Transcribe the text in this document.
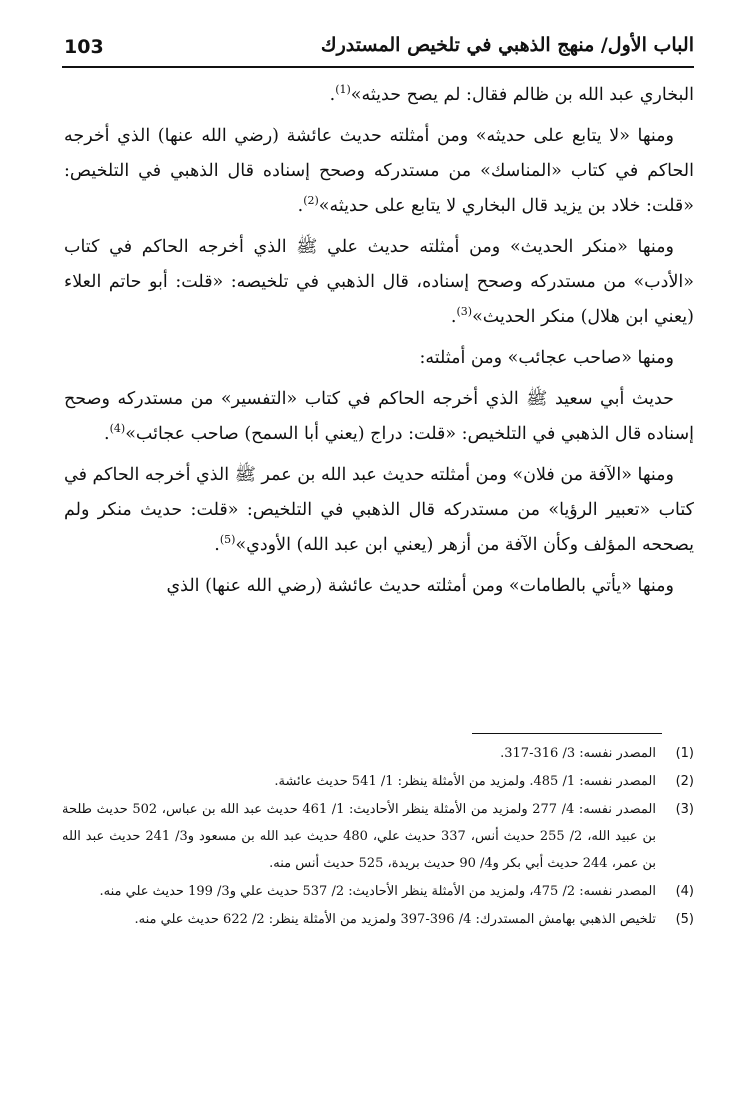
103	الباب الأول/ منهج الذهبي في تلخيص المستدرك

البخاري عبد الله بن ظالم فقال: لم يصح حديثه»$^{(1)}$.

ومنها «لا يتابع على حديثه» ومن أمثلته حديث عائشة (رضي الله عنها) الذي أخرجه الحاكم في كتاب «المناسك» من مستدركه وصحح إسناده قال الذهبي في التلخيص: «قلت: خلاد بن يزيد قال البخاري لا يتابع على حديثه»$^{(2)}$.

ومنها «منكر الحديث» ومن أمثلته حديث علي ﷺ الذي أخرجه الحاكم في كتاب «الأدب» من مستدركه وصحح إسناده، قال الذهبي في تلخيصه: «قلت: أبو حاتم العلاء (يعني ابن هلال) منكر الحديث»$^{(3)}$.

ومنها «صاحب عجائب» ومن أمثلته:

حديث أبي سعيد ﷺ الذي أخرجه الحاكم في كتاب «التفسير» من مستدركه وصحح إسناده قال الذهبي في التلخيص: «قلت: دراج (يعني أبا السمح) صاحب عجائب»$^{(4)}$.

ومنها «الآفة من فلان» ومن أمثلته حديث عبد الله بن عمر ﷺ الذي أخرجه الحاكم في كتاب «تعبير الرؤيا» من مستدركه قال الذهبي في التلخيص: «قلت: حديث منكر ولم يصححه المؤلف وكأن الآفة من أزهر (يعني ابن عبد الله) الأودي»$^{(5)}$.

ومنها «يأتي بالطامات» ومن أمثلته حديث عائشة (رضي الله عنها) الذي

(1)
المصدر نفسه: 3/ 316-317.
(2)
المصدر نفسه: 1/ 485. ولمزيد من الأمثلة ينظر: 1/ 541 حديث عائشة.
(3)
المصدر نفسه: 4/ 277 ولمزيد من الأمثلة ينظر الأحاديث: 1/ 461 حديث عبد الله بن عباس، 502 حديث طلحة بن عبيد الله، 2/ 255 حديث أنس، 337 حديث علي، 480 حديث عبد الله بن مسعود و3/ 241 حديث عبد الله بن عمر، 244 حديث أبي بكر و4/ 90 حديث بريدة، 525 حديث أنس منه.
(4)
المصدر نفسه: 2/ 475، ولمزيد من الأمثلة ينظر الأحاديث: 2/ 537 حديث علي و3/ 199 حديث علي منه.
(5)
تلخيص الذهبي بهامش المستدرك: 4/ 396-397 ولمزيد من الأمثلة ينظر: 2/ 622 حديث علي منه.
